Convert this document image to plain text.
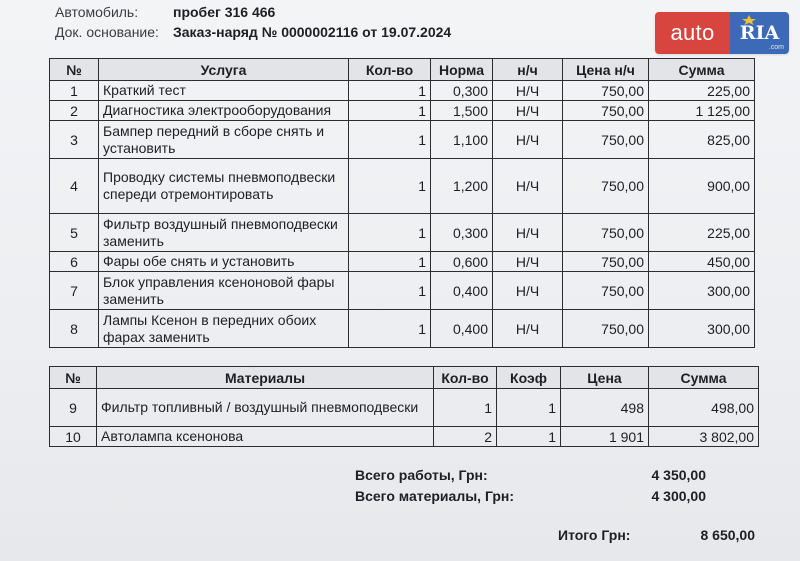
Автомобиль: пробег 316 466
Док. основание: Заказ-наряд № 0000002116 от 19.07.2024	auto	RIA
.com
№	Услуга	Кол-во	Норма	н/ч	Цена н/ч	Сумма
1	Краткий тест	1	0,300	Н/Ч	750,00	225,00
2	Диагностика электрооборудования	1	1,500	Н/Ч	750,00	1 125,00
3	Бампер передний в сборе снять и установить	1	1,100	Н/Ч	750,00	825,00
4	Проводку системы пневмоподвески спереди отремонтировать	1	1,200	Н/Ч	750,00	900,00
5	Фильтр воздушный пневмоподвески заменить	1	0,300	Н/Ч	750,00	225,00
6	Фары обе снять и установить	1	0,600	Н/Ч	750,00	450,00
7	Блок управления ксеноновой фары заменить	1	0,400	Н/Ч	750,00	300,00
8	Лампы Ксенон в передних обоих фарах заменить	1	0,400	Н/Ч	750,00	300,00
№	Материалы	Кол-во	Коэф	Цена	Сумма
9	Фильтр топливный / воздушный пневмоподвески	1	1	498	498,00
10	Автолампа ксенонова	2	1	1 901	3 802,00
Всего работы, Грн:	4 350,00
Всего материалы, Грн:	4 300,00
Итого Грн:	8 650,00
